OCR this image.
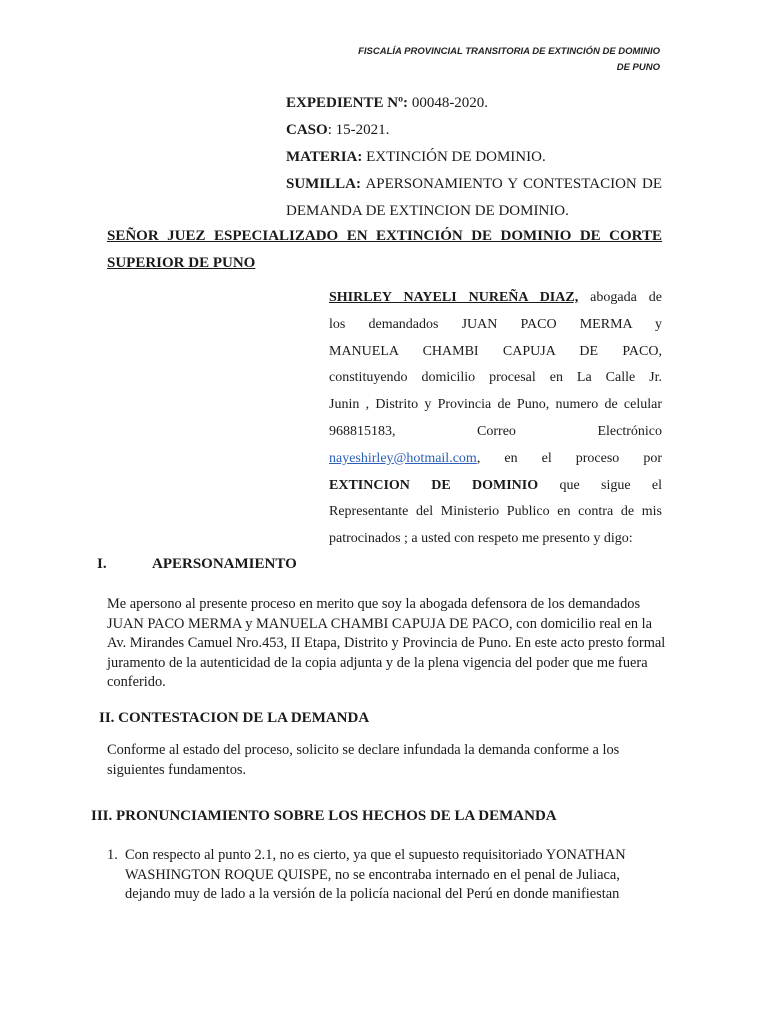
FISCALÍA PROVINCIAL TRANSITORIA DE EXTINCIÓN DE DOMINIO
DE PUNO

EXPEDIENTE Nº: 00048-2020.

CASO: 15-2021.

MATERIA: EXTINCIÓN DE DOMINIO.

SUMILLA: APERSONAMIENTO Y CONTESTACION DE DEMANDA DE EXTINCION DE DOMINIO.

SEÑOR JUEZ ESPECIALIZADO EN EXTINCIÓN DE DOMINIO DE CORTE
SUPERIOR DE PUNO
SHIRLEY NAYELI NUREÑA DIAZ, abogada de
los demandados JUAN PACO MERMA y
MANUELA CHAMBI CAPUJA DE PACO,
constituyendo domicilio procesal en La Calle Jr.
Junin , Distrito y Provincia de Puno, numero de celular
968815183, Correo Electrónico
nayeshirley@hotmail.com, en el proceso por
EXTINCION DE DOMINIO que sigue el
Representante del Ministerio Publico en contra de mis
patrocinados ; a usted con respeto me presento y digo:
I.	APERSONAMIENTO
Me apersono al presente proceso en merito que soy la abogada defensora de los demandados JUAN PACO MERMA y MANUELA CHAMBI CAPUJA DE PACO, con domicilio real en la Av. Mirandes Camuel Nro.453, II Etapa, Distrito y Provincia de Puno. En este acto presto formal juramento de la autenticidad de la copia adjunta y de la plena vigencia del poder que me fuera conferido.
II. CONTESTACION DE LA DEMANDA
Conforme al estado del proceso, solicito se declare infundada la demanda conforme a los siguientes fundamentos.
III. PRONUNCIAMIENTO SOBRE LOS HECHOS DE LA DEMANDA
1. Con respecto al punto 2.1, no es cierto, ya que el supuesto requisitoriado YONATHAN WASHINGTON ROQUE QUISPE, no se encontraba internado en el penal de Juliaca, dejando muy de lado a la versión de la policía nacional del Perú en donde manifiestan
